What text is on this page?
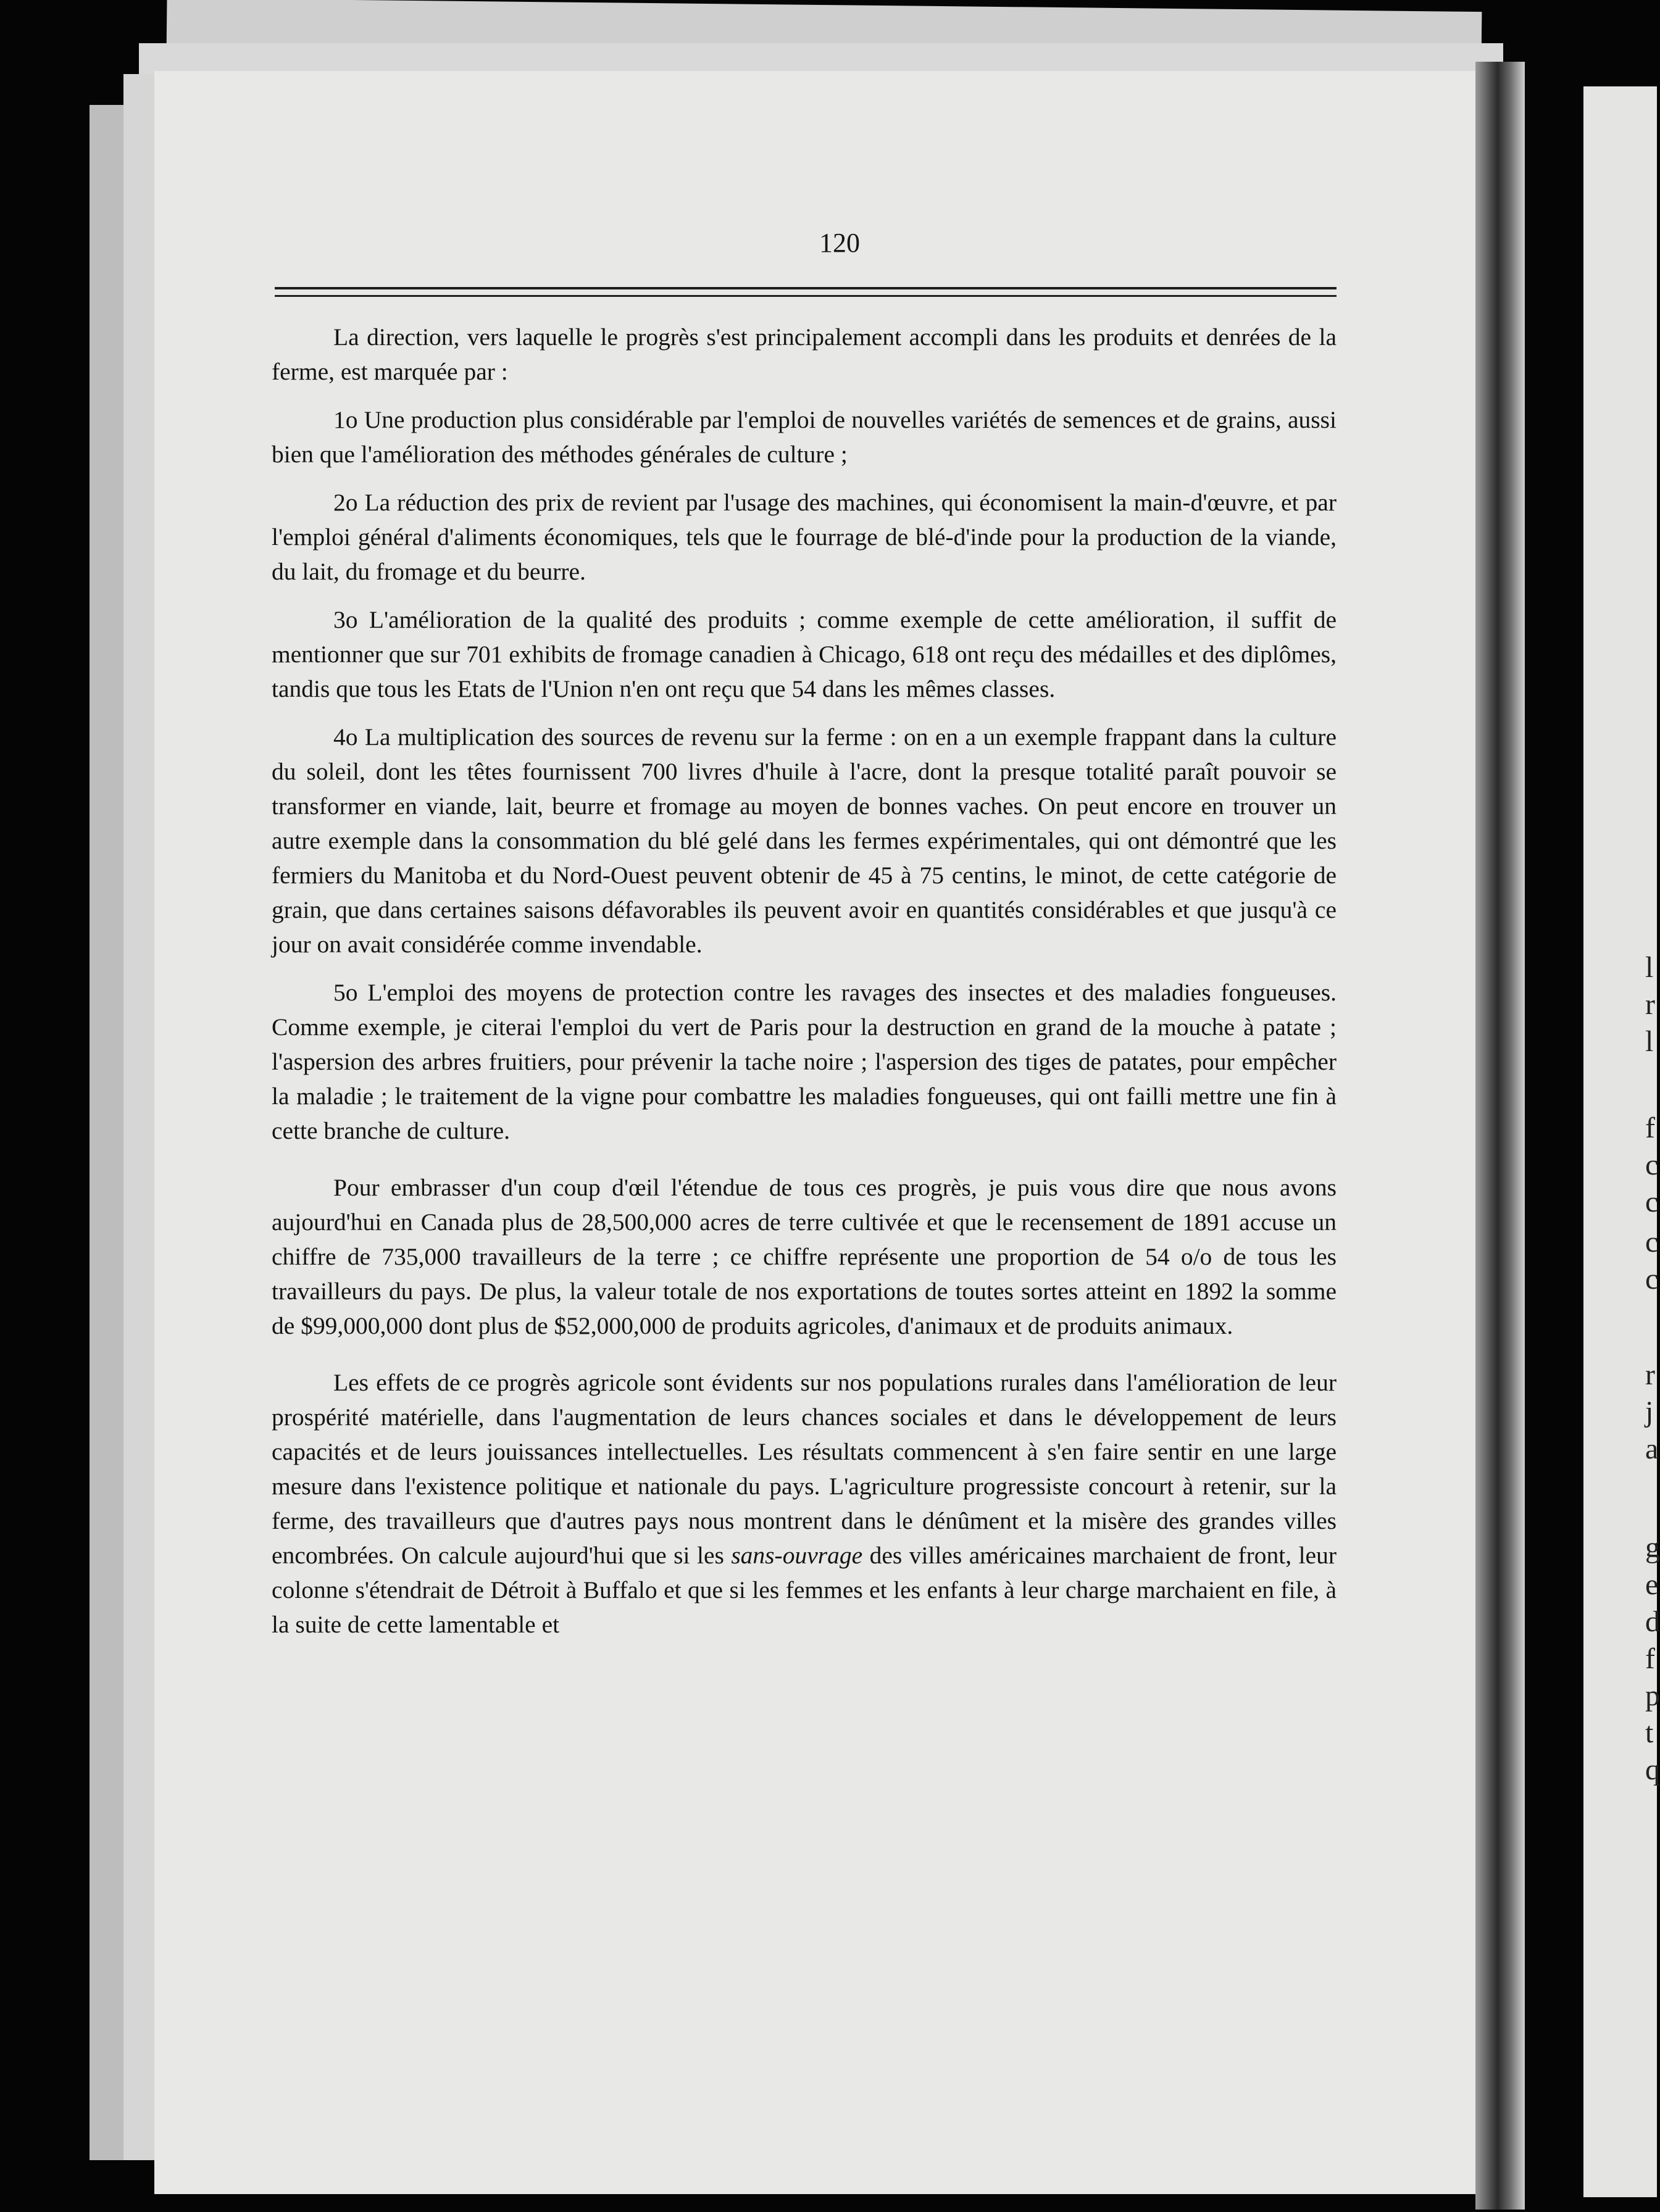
120

La direction, vers laquelle le progrès s'est principalement accompli dans les produits et denrées de la ferme, est marquée par :

1o Une production plus considérable par l'emploi de nouvelles variétés de semences et de grains, aussi bien que l'amélioration des méthodes générales de culture ;

2o La réduction des prix de revient par l'usage des machines, qui économisent la main-d'œuvre, et par l'emploi général d'aliments économiques, tels que le fourrage de blé-d'inde pour la production de la viande, du lait, du fromage et du beurre.

3o L'amélioration de la qualité des produits ; comme exemple de cette amélioration, il suffit de mentionner que sur 701 exhibits de fromage canadien à Chicago, 618 ont reçu des médailles et des diplômes, tandis que tous les Etats de l'Union n'en ont reçu que 54 dans les mêmes classes.

4o La multiplication des sources de revenu sur la ferme : on en a un exemple frappant dans la culture du soleil, dont les têtes fournissent 700 livres d'huile à l'acre, dont la presque totalité paraît pouvoir se transformer en viande, lait, beurre et fromage au moyen de bonnes vaches. On peut encore en trouver un autre exemple dans la consommation du blé gelé dans les fermes expérimentales, qui ont démontré que les fermiers du Manitoba et du Nord-Ouest peuvent obtenir de 45 à 75 centins, le minot, de cette catégorie de grain, que dans certaines saisons défavorables ils peuvent avoir en quantités considérables et que jusqu'à ce jour on avait considérée comme invendable.

5o L'emploi des moyens de protection contre les ravages des insectes et des maladies fongueuses. Comme exemple, je citerai l'emploi du vert de Paris pour la destruction en grand de la mouche à patate ; l'aspersion des arbres fruitiers, pour prévenir la tache noire ; l'aspersion des tiges de patates, pour empêcher la maladie ; le traitement de la vigne pour combattre les maladies fongueuses, qui ont failli mettre une fin à cette branche de culture.

Pour embrasser d'un coup d'œil l'étendue de tous ces progrès, je puis vous dire que nous avons aujourd'hui en Canada plus de 28,500,000 acres de terre cultivée et que le recensement de 1891 accuse un chiffre de 735,000 travailleurs de la terre ; ce chiffre représente une proportion de 54 o/o de tous les travailleurs du pays. De plus, la valeur totale de nos exportations de toutes sortes atteint en 1892 la somme de $99,000,000 dont plus de $52,000,000 de produits agricoles, d'animaux et de produits animaux.

Les effets de ce progrès agricole sont évidents sur nos populations rurales dans l'amélioration de leur prospérité matérielle, dans l'augmentation de leurs chances sociales et dans le développement de leurs capacités et de leurs jouissances intellectuelles. Les résultats commencent à s'en faire sentir en une large mesure dans l'existence politique et nationale du pays. L'agriculture progressiste concourt à retenir, sur la ferme, des travailleurs que d'autres pays nous montrent dans le dénûment et la misère des grandes villes encombrées. On calcule aujourd'hui que si les sans-ouvrage des villes américaines marchaient de front, leur colonne s'étendrait de Détroit à Buffalo et que si les femmes et les enfants à leur charge marchaient en file, à la suite de cette lamentable et

l
r
l
f
c
c
c
c
r
j
a
g
e
d
f
p
t
q
